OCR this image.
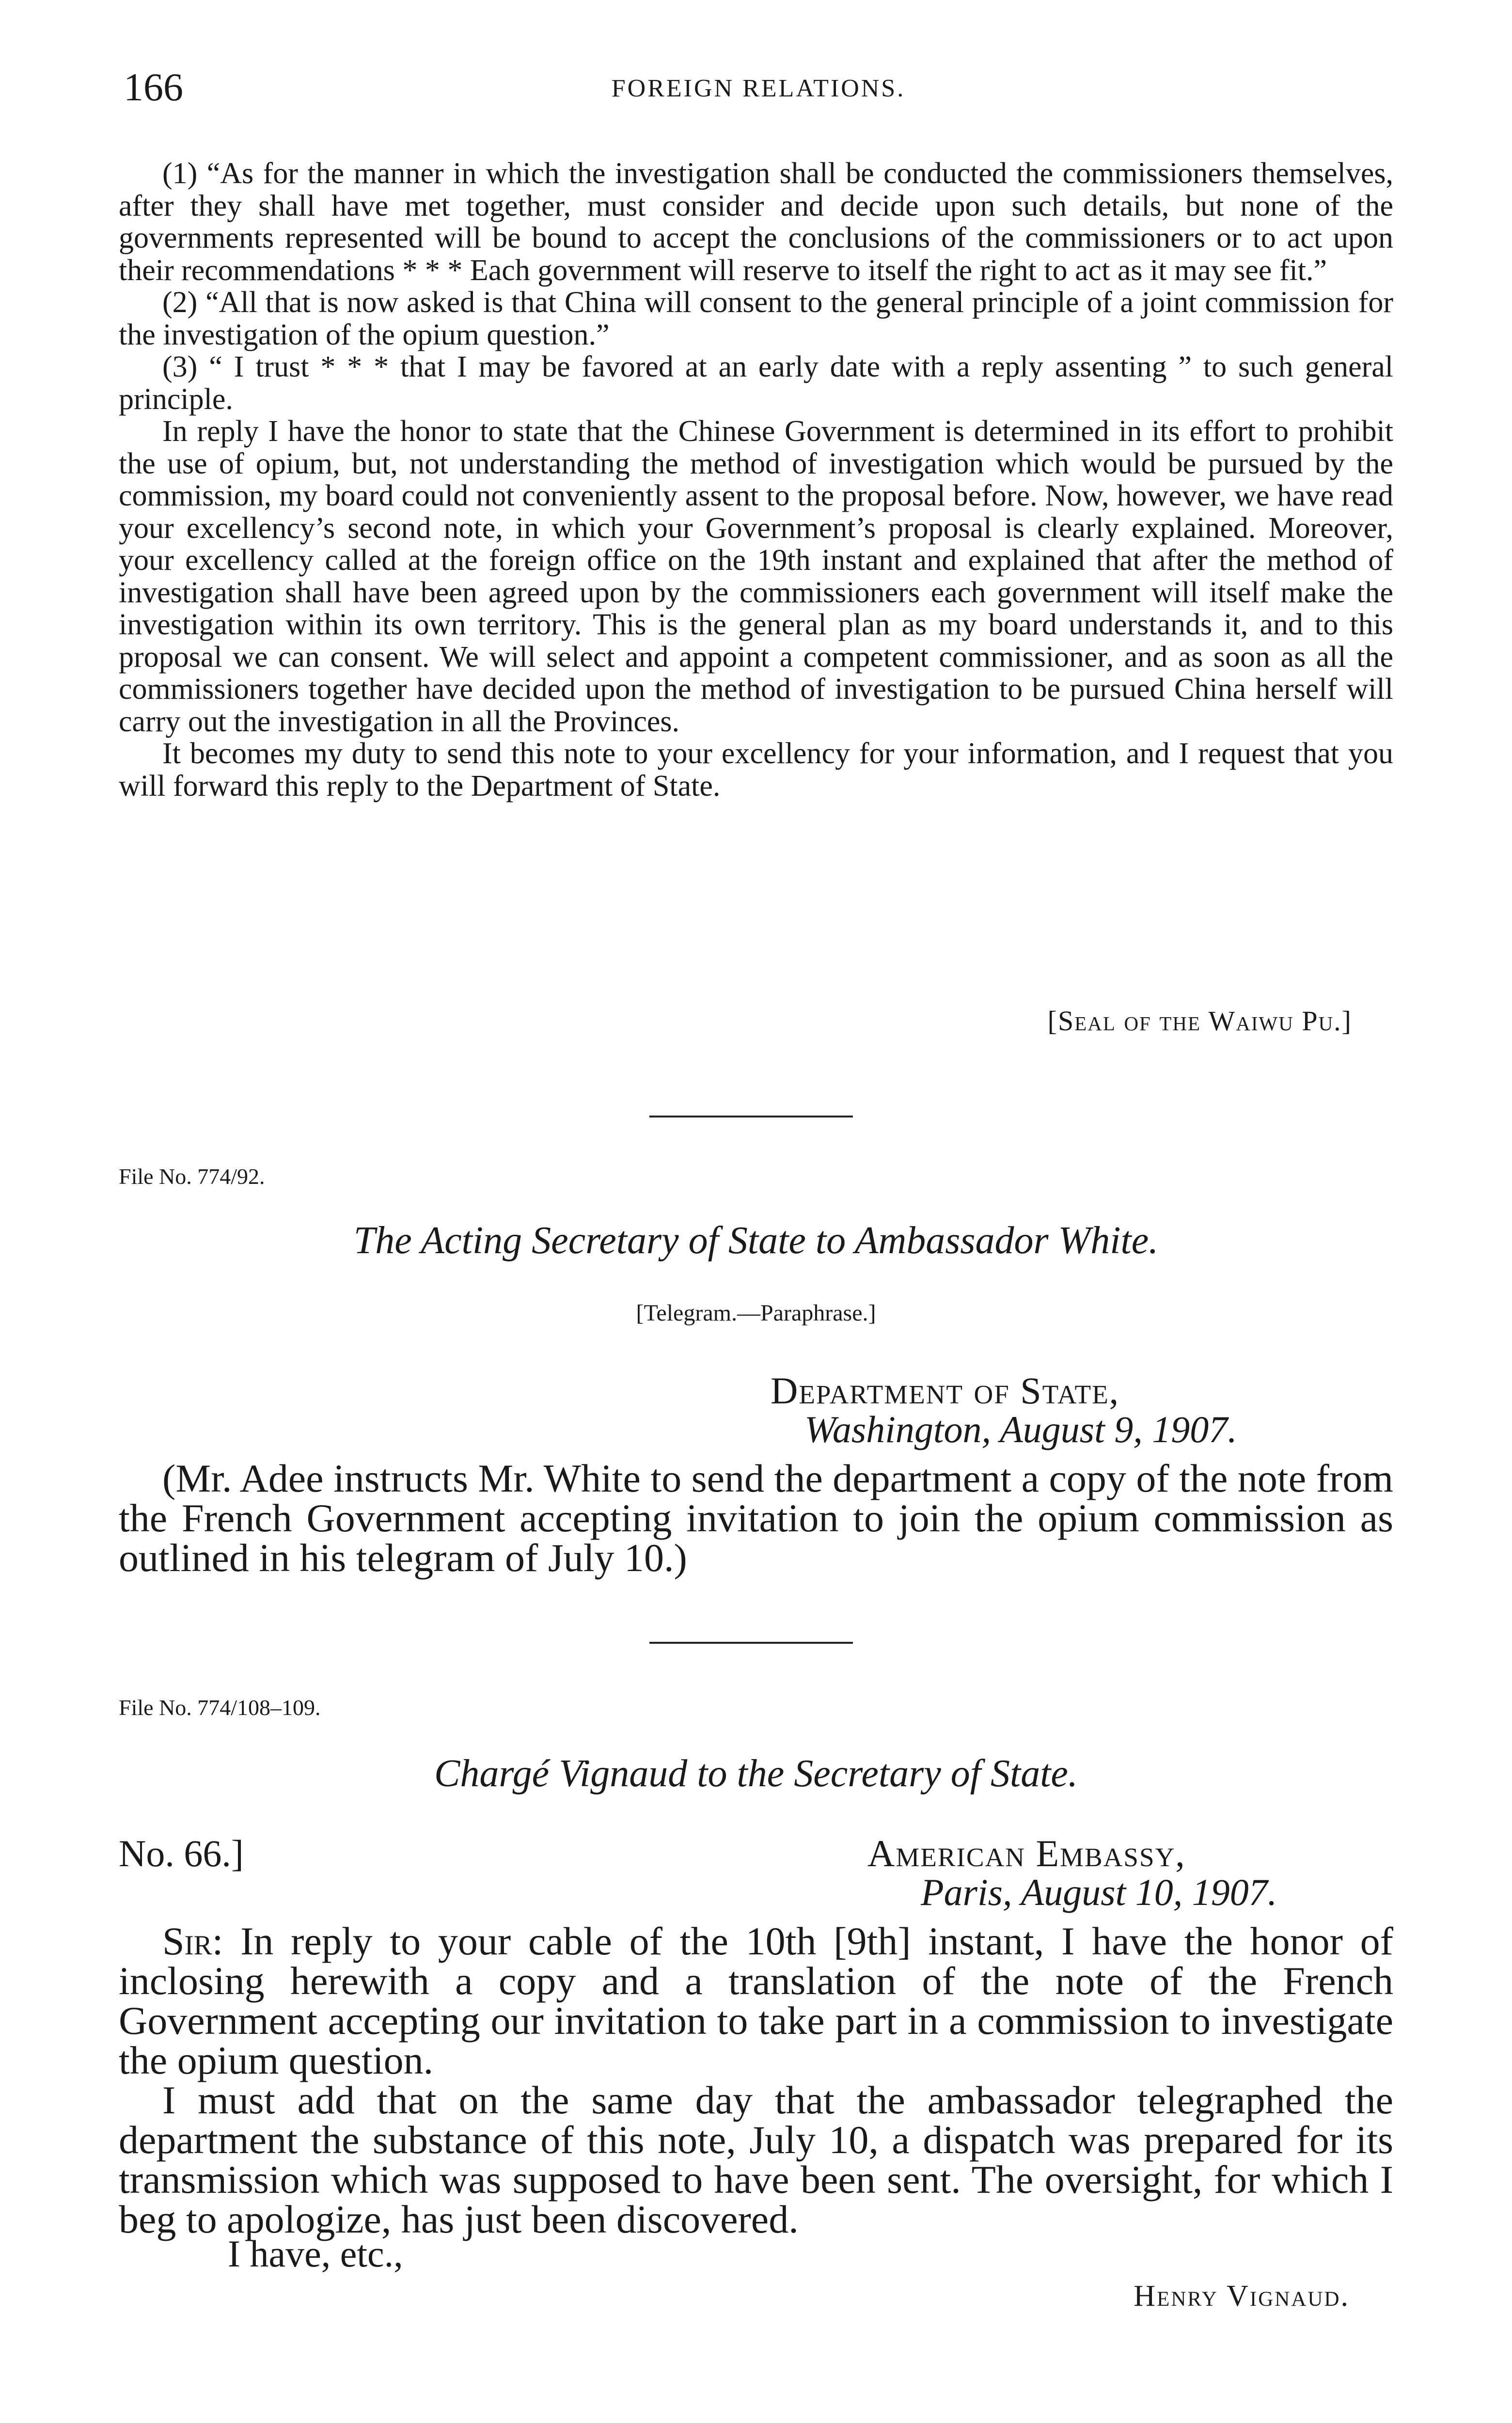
166	FOREIGN RELATIONS.

(1) “As for the manner in which the investigation shall be conducted the commissioners themselves, after they shall have met together, must consider and decide upon such details, but none of the governments represented will be bound to accept the conclusions of the commissioners or to act upon their recommendations * * * Each government will reserve to itself the right to act as it may see fit.”

(2) “All that is now asked is that China will consent to the general principle of a joint commission for the investigation of the opium question.”

(3) “ I trust * * * that I may be favored at an early date with a reply assenting ” to such general principle.

In reply I have the honor to state that the Chinese Government is determined in its effort to prohibit the use of opium, but, not understanding the method of investigation which would be pursued by the commission, my board could not conveniently assent to the proposal before. Now, however, we have read your excellency’s second note, in which your Government’s proposal is clearly explained. Moreover, your excellency called at the foreign office on the 19th instant and explained that after the method of investigation shall have been agreed upon by the commissioners each government will itself make the investigation within its own territory. This is the general plan as my board understands it, and to this proposal we can consent. We will select and appoint a competent commissioner, and as soon as all the commissioners together have decided upon the method of investigation to be pursued China herself will carry out the investigation in all the Provinces.

It becomes my duty to send this note to your excellency for your information, and I request that you will forward this reply to the Department of State.

[Seal of the Waiwu Pu.]
File No. 774/92.
The Acting Secretary of State to Ambassador White.
[Telegram.—Paraphrase.]
Department of State,
Washington, August 9, 1907.

(Mr. Adee instructs Mr. White to send the department a copy of the note from the French Government accepting invitation to join the opium commission as outlined in his telegram of July 10.)

File No. 774/108–109.
Chargé Vignaud to the Secretary of State.
No. 66.]	American Embassy,
Paris, August 10, 1907.

Sir: In reply to your cable of the 10th [9th] instant, I have the honor of inclosing herewith a copy and a translation of the note of the French Government accepting our invitation to take part in a commission to investigate the opium question.

I must add that on the same day that the ambassador telegraphed the department the substance of this note, July 10, a dispatch was prepared for its transmission which was supposed to have been sent. The oversight, for which I beg to apologize, has just been discovered.

I have, etc.,
Henry Vignaud.
